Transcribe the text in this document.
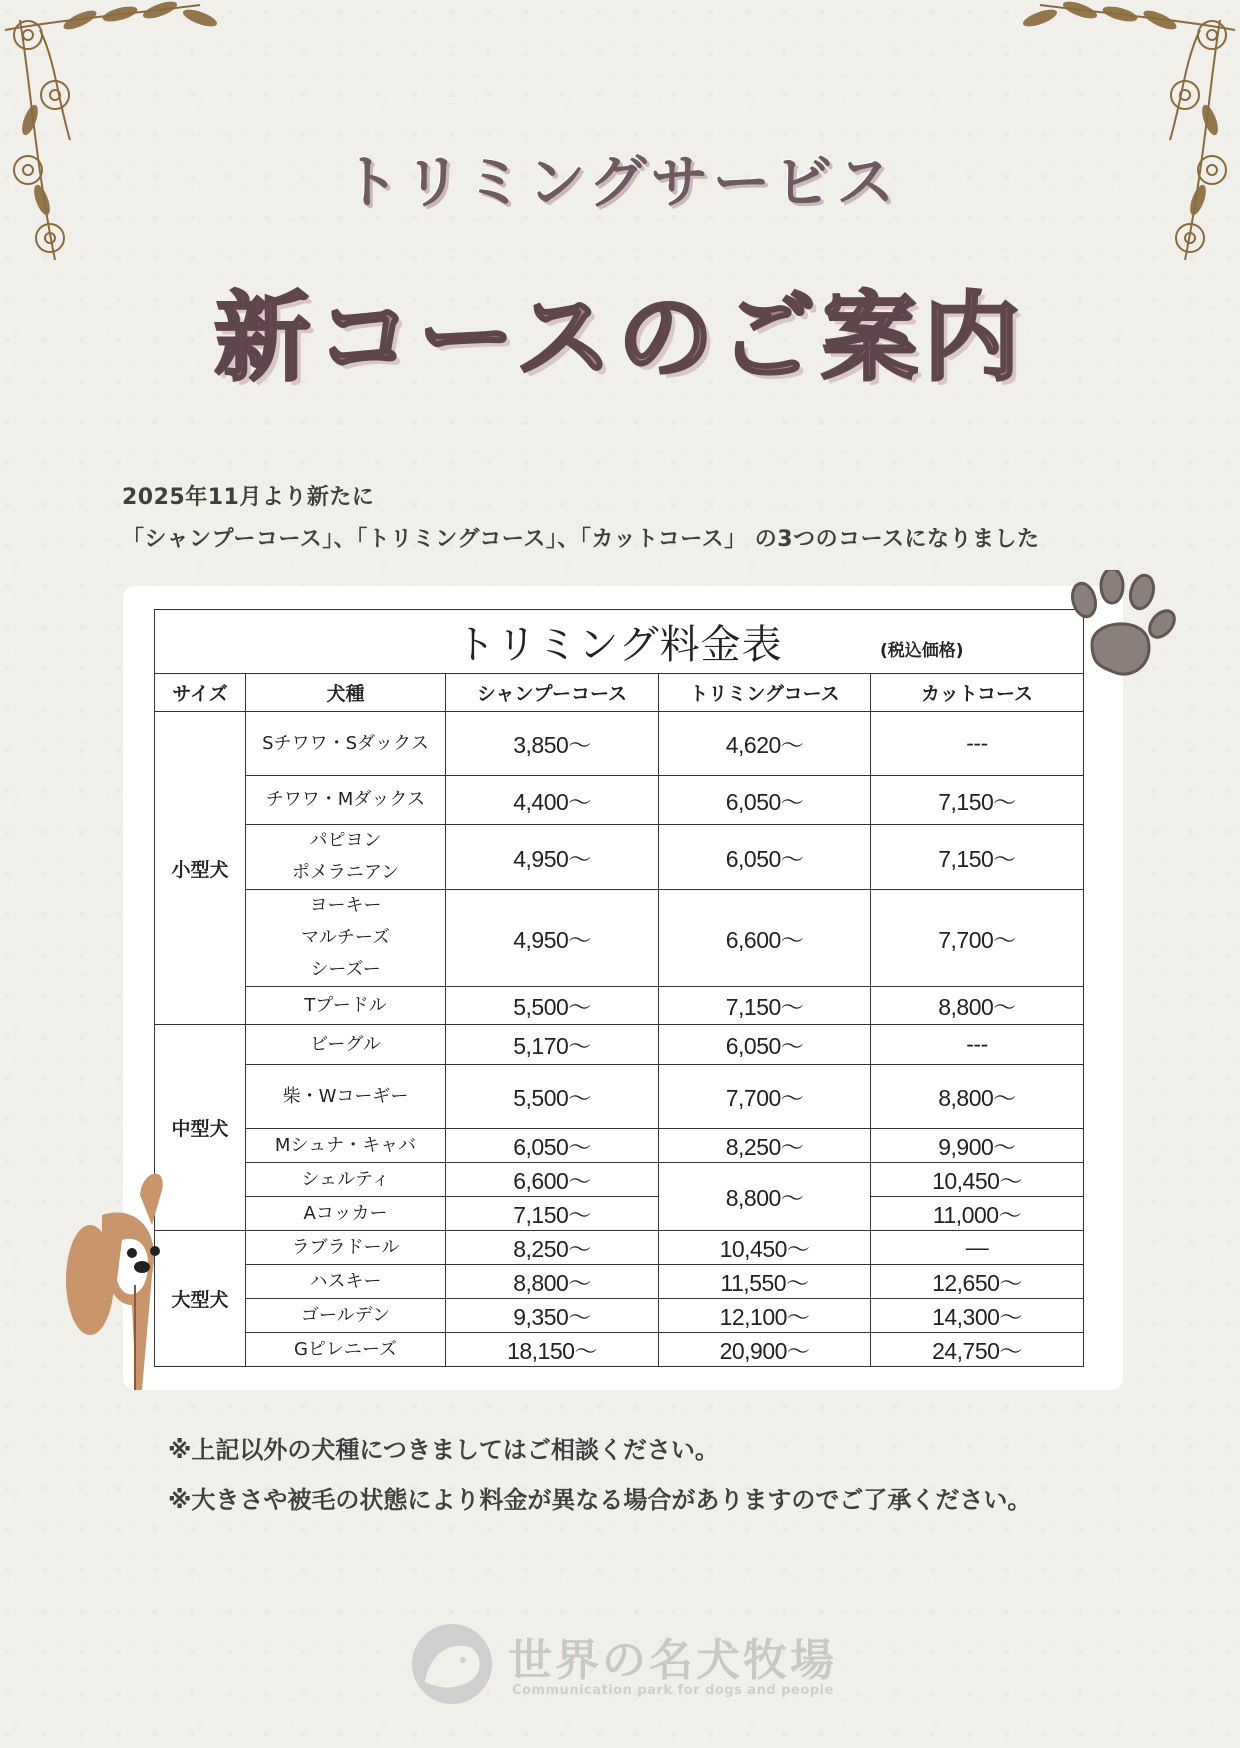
トリミングサービス
新コースのご案内
2025年11月より新たに
「シャンプーコース」、「トリミングコース」、「カットコース」 の3つのコースになりました
トリミング料金表 (税込価格)				

サイズ	犬種	シャンプーコース	トリミングコース	カットコース
小型犬	Sチワワ・Sダックス	3,850〜	4,620〜	---

	チワワ・Mダックス	4,400〜	6,050〜	7,150〜

	パピヨン
ポメラニアン	4,950〜	6,050〜	7,150〜

	ヨーキー
マルチーズ
シーズー	4,950〜	6,600〜	7,700〜

	Tプードル	5,500〜	7,150〜	8,800〜
中型犬	ビーグル	5,170〜	6,050〜	---

	柴・Wコーギー	5,500〜	7,700〜	8,800〜

	Mシュナ・キャバ	6,050〜	8,250〜	9,900〜

	シェルティ	6,600〜	8,800〜	10,450〜

	Aコッカー	7,150〜		11,000〜
大型犬	ラブラドール	8,250〜	10,450〜	—

	ハスキー	8,800〜	11,550〜	12,650〜

	ゴールデン	9,350〜	12,100〜	14,300〜

	Gピレニーズ	18,150〜	20,900〜	24,750〜
※上記以外の犬種につきましてはご相談ください。
※大きさや被毛の状態により料金が異なる場合がありますのでご了承ください。
世界の名犬牧場
Communication park for dogs and people
